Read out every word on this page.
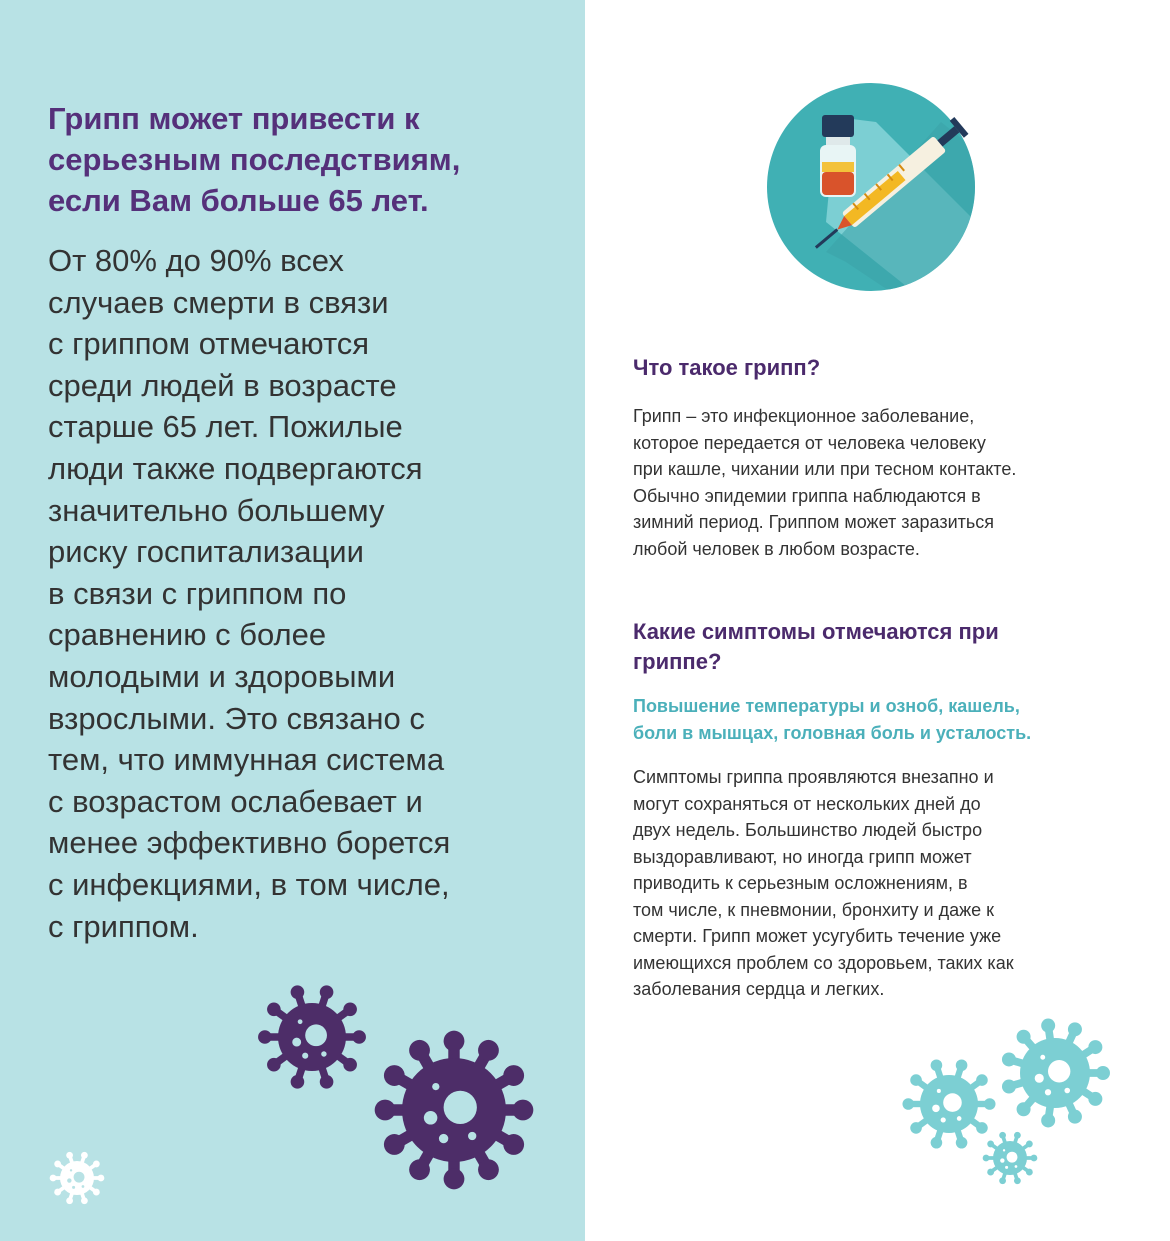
Грипп может привести к
серьезным последствиям,
если Вам больше 65 лет.

От 80% до 90% всех
случаев смерти в связи
с гриппом отмечаются
среди людей в возрасте
старше 65 лет. Пожилые
люди также подвергаются
значительно большему
риску госпитализации
в связи с гриппом по
сравнению с более
молодыми и здоровыми
взрослыми. Это связано с
тем, что иммунная система
с возрастом ослабевает и
менее эффективно борется
с инфекциями, в том числе,
с гриппом.

Что такое грипп?

Грипп – это инфекционное заболевание,
которое передается от человека человеку
при кашле, чихании или при тесном контакте.
Обычно эпидемии гриппа наблюдаются в
зимний период. Гриппом может заразиться
любой человек в любом возрасте.

Какие симптомы отмечаются при
гриппе?

Повышение температуры и озноб, кашель,
боли в мышцах, головная боль и усталость.

Симптомы гриппа проявляются внезапно и
могут сохраняться от нескольких дней до
двух недель. Большинство людей быстро
выздоравливают, но иногда грипп может
приводить к серьезным осложнениям, в
том числе, к пневмонии, бронхиту и даже к
смерти. Грипп может усугубить течение уже
имеющихся проблем со здоровьем, таких как
заболевания сердца и легких.
